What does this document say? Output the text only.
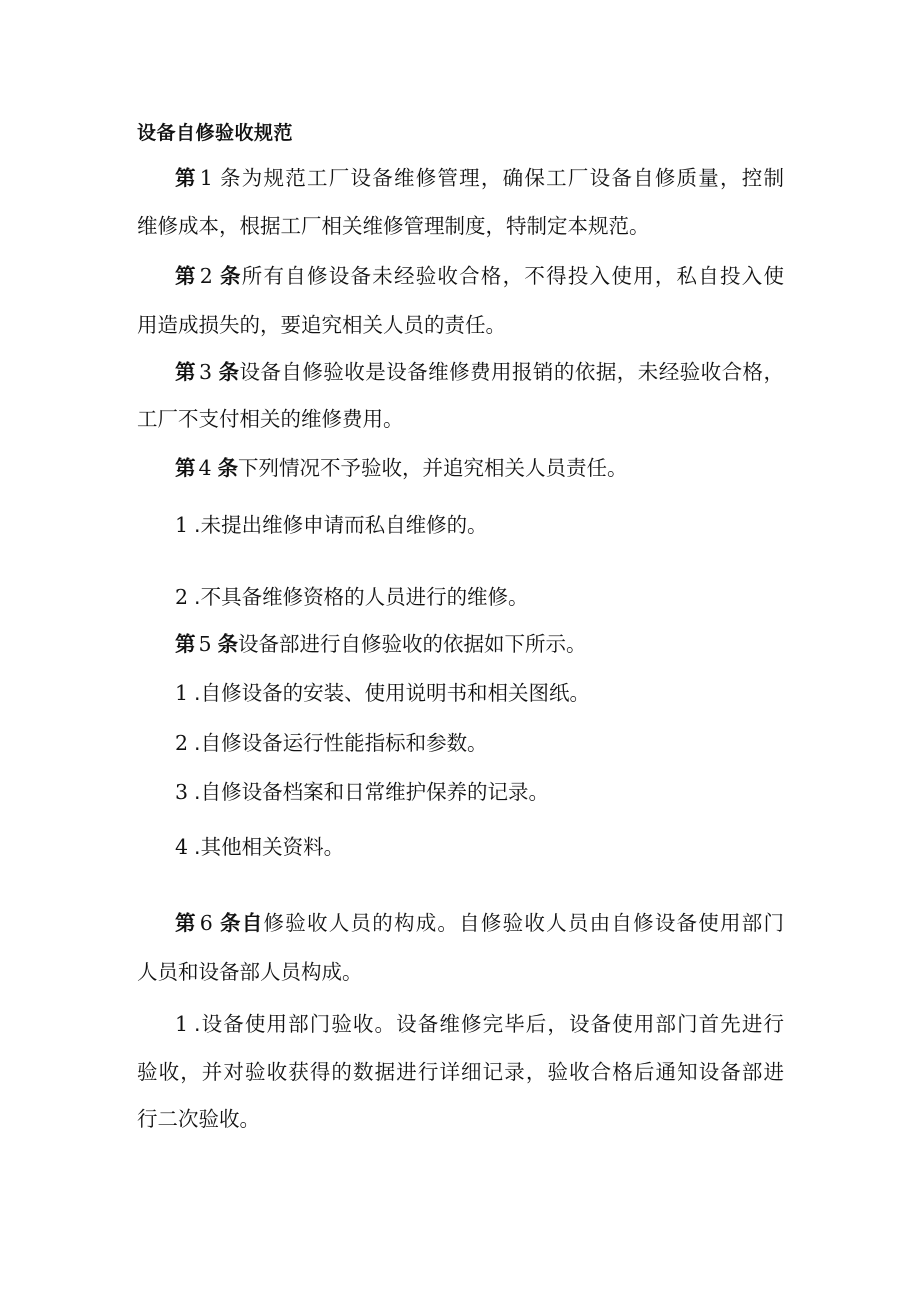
设备自修验收规范
第 1 条为规范工厂设备维修管理，确保工厂设备自修质量，控制
维修成本，根据工厂相关维修管理制度，特制定本规范。
第 2 条所有自修设备未经验收合格，不得投入使用，私自投入使
用造成损失的，要追究相关人员的责任。
第 3 条设备自修验收是设备维修费用报销的依据，未经验收合格，
工厂不支付相关的维修费用。
第 4 条下列情况不予验收，并追究相关人员责任。
1 .未提出维修申请而私自维修的。
2 .不具备维修资格的人员进行的维修。
第 5 条设备部进行自修验收的依据如下所示。
1 .自修设备的安装、使用说明书和相关图纸。
2 .自修设备运行性能指标和参数。
3 .自修设备档案和日常维护保养的记录。
4 .其他相关资料。
第 6 条自修验收人员的构成。自修验收人员由自修设备使用部门
人员和设备部人员构成。
1 .设备使用部门验收。设备维修完毕后，设备使用部门首先进行
验收，并对验收获得的数据进行详细记录，验收合格后通知设备部进
行二次验收。
